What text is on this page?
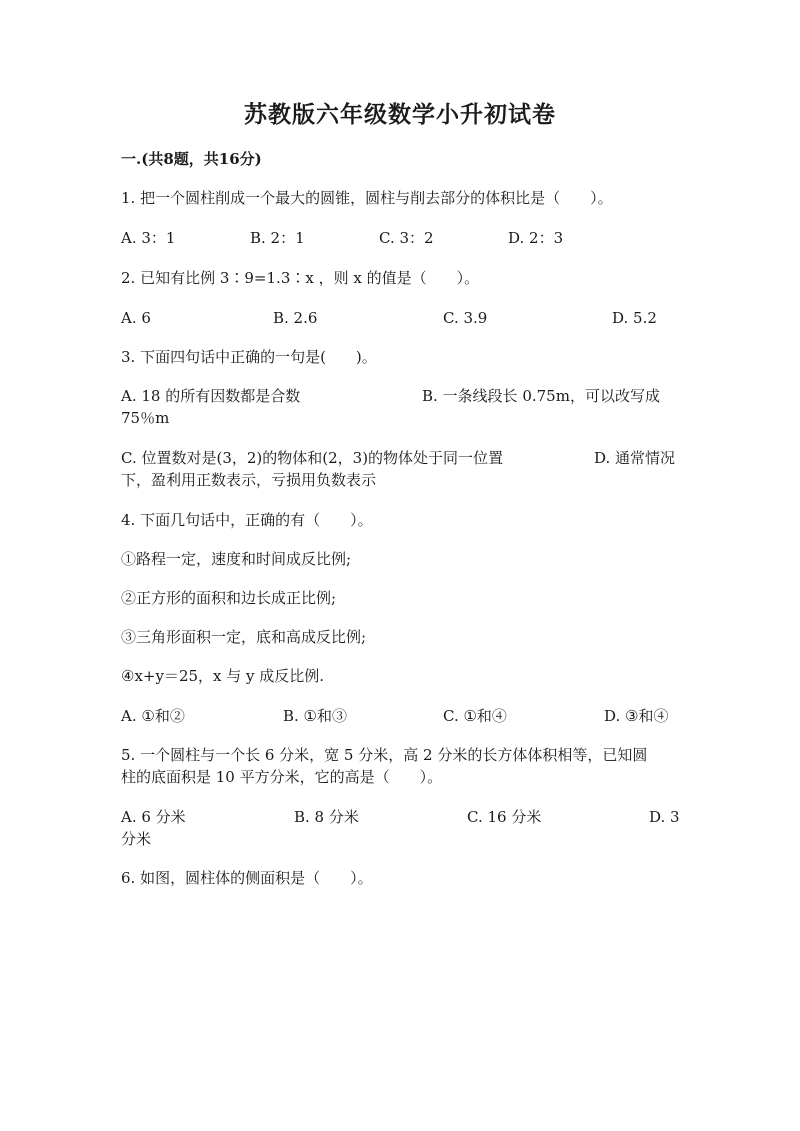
苏教版六年级数学小升初试卷
一.(共8题，共16分)
1. 把一个圆柱削成一个最大的圆锥，圆柱与削去部分的体积比是（　　）。
A. 3：1	B. 2：1	C. 3：2	D. 2：3
2. 已知有比例 3∶9=1.3∶x ，则 x 的值是（　　）。
A. 6	B. 2.6	C. 3.9	D. 5.2
3. 下面四句话中正确的一句是(　　)。
A. 18 的所有因数都是合数	B. 一条线段长 0.75m，可以改写成
75％m
C. 位置数对是(3，2)的物体和(2，3)的物体处于同一位置	D. 通常情况
下，盈利用正数表示，亏损用负数表示
4. 下面几句话中，正确的有（　　）。
①路程一定，速度和时间成反比例;
②正方形的面积和边长成正比例;
③三角形面积一定，底和高成反比例;
④x+y＝25，x 与 y 成反比例.
A. ①和②	B. ①和③	C. ①和④	D. ③和④
5. 一个圆柱与一个长 6 分米，宽 5 分米，高 2 分米的长方体体积相等，已知圆
柱的底面积是 10 平方分米，它的高是（　　）。
A. 6 分米	B. 8 分米	C. 16 分米	D. 3
分米
6. 如图，圆柱体的侧面积是（　　）。
